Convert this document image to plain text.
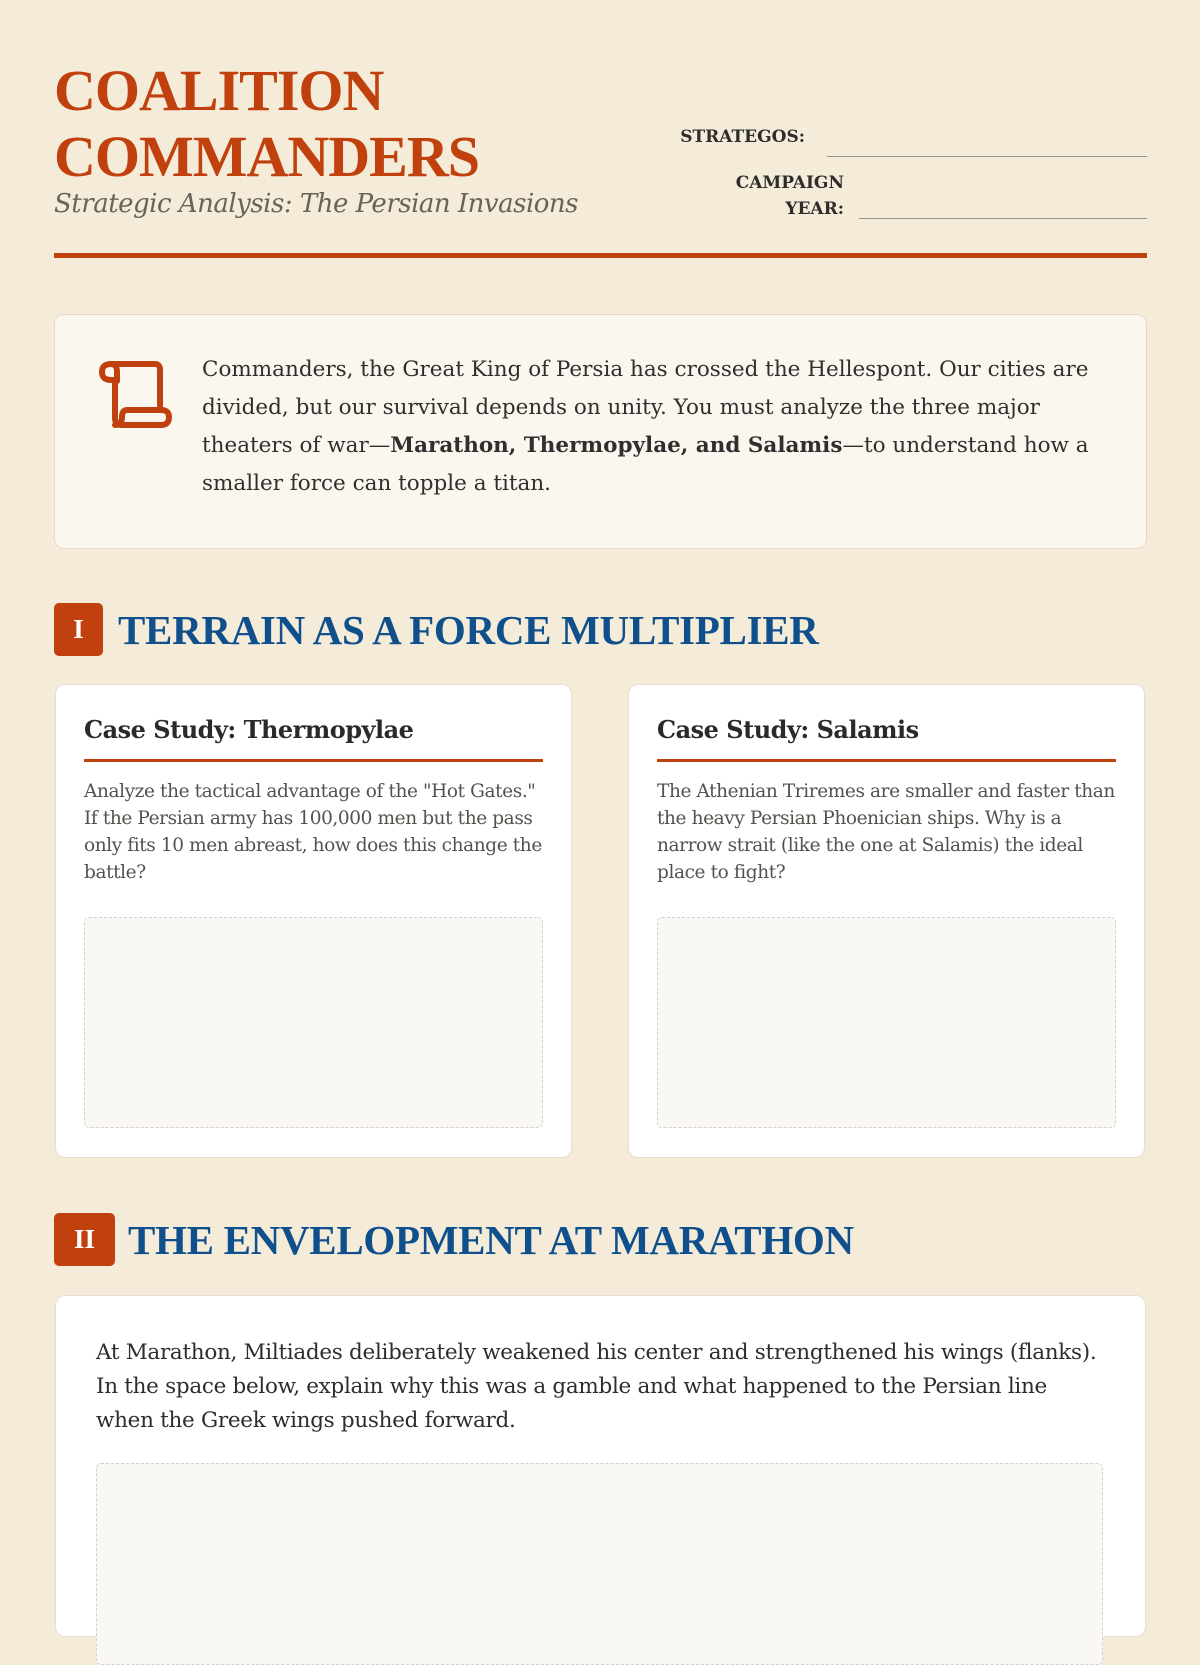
COALITION
COMMANDERS
Strategic Analysis: The Persian Invasions
STRATEGOS:
CAMPAIGN
YEAR:
Commanders, the Great King of Persia has crossed the Hellespont. Our cities are divided, but our survival depends on unity. You must analyze the three major theaters of war—Marathon, Thermopylae, and Salamis—to understand how a smaller force can topple a titan.
I TERRAIN AS A FORCE MULTIPLIER
Case Study: Thermopylae
Analyze the tactical advantage of the "Hot Gates." If the Persian army has 100,000 men but the pass only fits 10 men abreast, how does this change the battle?
Case Study: Salamis
The Athenian Triremes are smaller and faster than the heavy Persian Phoenician ships. Why is a narrow strait (like the one at Salamis) the ideal place to fight?
II THE ENVELOPMENT AT MARATHON
At Marathon, Miltiades deliberately weakened his center and strengthened his wings (flanks). In the space below, explain why this was a gamble and what happened to the Persian line when the Greek wings pushed forward.
